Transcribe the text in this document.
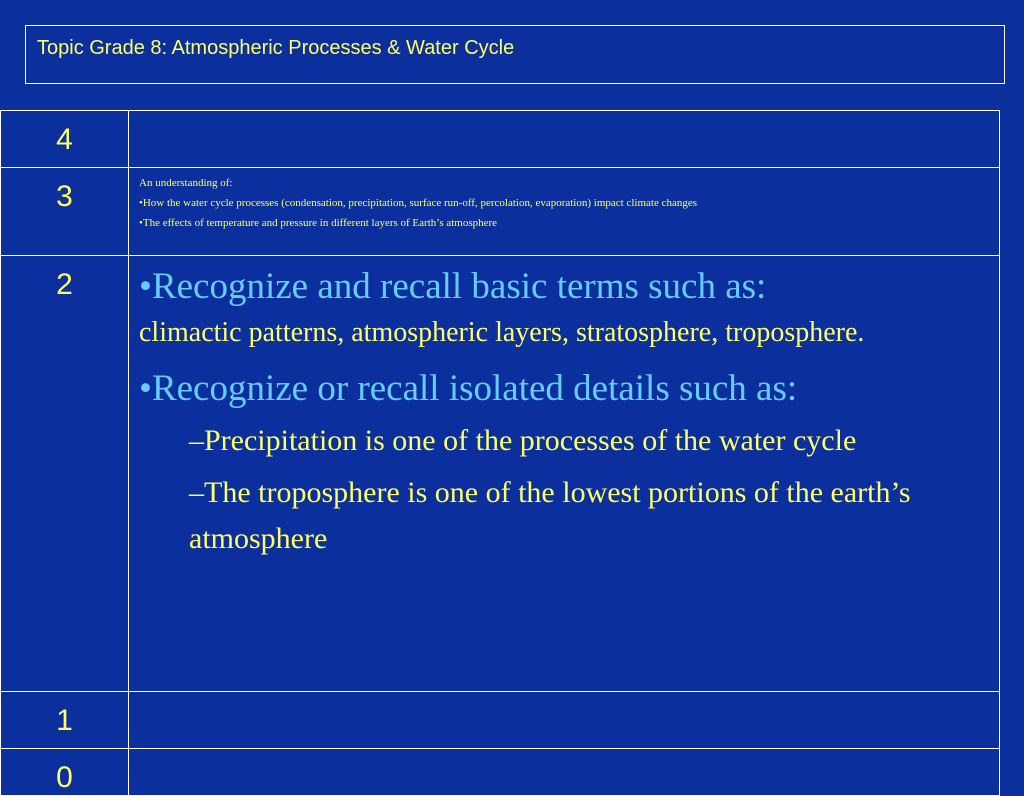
Topic Grade 8: Atmospheric Processes & Water Cycle
4	

3	An understanding of:
•How the water cycle processes (condensation, precipitation, surface run-off, percolation, evaporation) impact climate changes
•The effects of temperature and pressure in different layers of Earth’s atmosphere

2	•Recognize and recall basic terms such as:

climactic patterns, atmospheric layers, stratosphere, troposphere.

•Recognize or recall isolated details such as:

–Precipitation is one of the processes of the water cycle

–The troposphere is one of the lowest portions of the earth’s atmosphere

1	

0	
